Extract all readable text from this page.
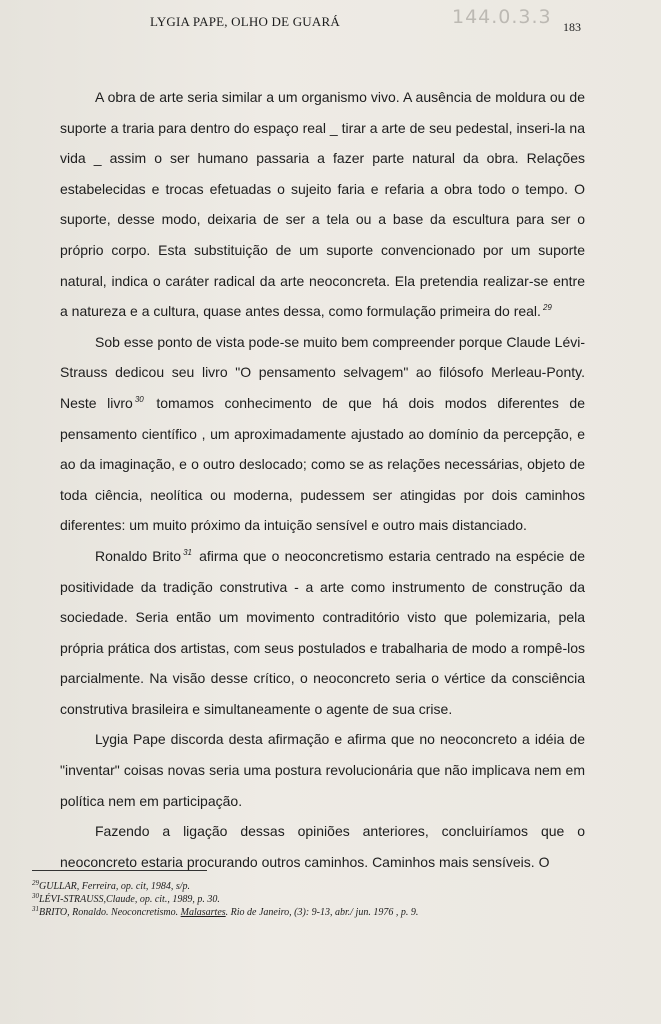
LYGIA PAPE, OLHO DE GUARÁ	144.0.3.3 183

A obra de arte seria similar a um organismo vivo. A ausência de moldura ou de suporte a traria para dentro do espaço real _ tirar a arte de seu pedestal, inseri-la na vida _ assim o ser humano passaria a fazer parte natural da obra. Relações estabelecidas e trocas efetuadas o sujeito faria e refaria a obra todo o tempo. O suporte, desse modo, deixaria de ser a tela ou a base da escultura para ser o próprio corpo. Esta substituição de um suporte convencionado por um suporte natural, indica o caráter radical da arte neoconcreta. Ela pretendia realizar-se entre a natureza e a cultura, quase antes dessa, como formulação primeira do real. $^{29}$

Sob esse ponto de vista pode-se muito bem compreender porque Claude Lévi-Strauss dedicou seu livro "O pensamento selvagem" ao filósofo Merleau-Ponty. Neste livro $^{30}$ tomamos conhecimento de que há dois modos diferentes de pensamento científico , um aproximadamente ajustado ao domínio da percepção, e ao da imaginação, e o outro deslocado; como se as relações necessárias, objeto de toda ciência, neolítica ou moderna, pudessem ser atingidas por dois caminhos diferentes: um muito próximo da intuição sensível e outro mais distanciado.

Ronaldo Brito $^{31}$ afirma que o neoconcretismo estaria centrado na espécie de positividade da tradição construtiva - a arte como instrumento de construção da sociedade. Seria então um movimento contraditório visto que polemizaria, pela própria prática dos artistas, com seus postulados e trabalharia de modo a rompê-los parcialmente. Na visão desse crítico, o neoconcreto seria o vértice da consciência construtiva brasileira e simultaneamente o agente de sua crise.

Lygia Pape discorda desta afirmação e afirma que no neoconcreto a idéia de "inventar" coisas novas seria uma postura revolucionária que não implicava nem em política nem em participação.

Fazendo a ligação dessas opiniões anteriores, concluiríamos que o neoconcreto estaria procurando outros caminhos. Caminhos mais sensíveis. O

$^{29}$GULLAR, Ferreira, op. cit, 1984, s/p.
$^{30}$LÉVI-STRAUSS,Claude, op. cit., 1989, p. 30.
$^{31}$BRITO, Ronaldo. Neoconcretismo. Malasartes. Rio de Janeiro, (3): 9-13, abr./ jun. 1976 , p. 9.
